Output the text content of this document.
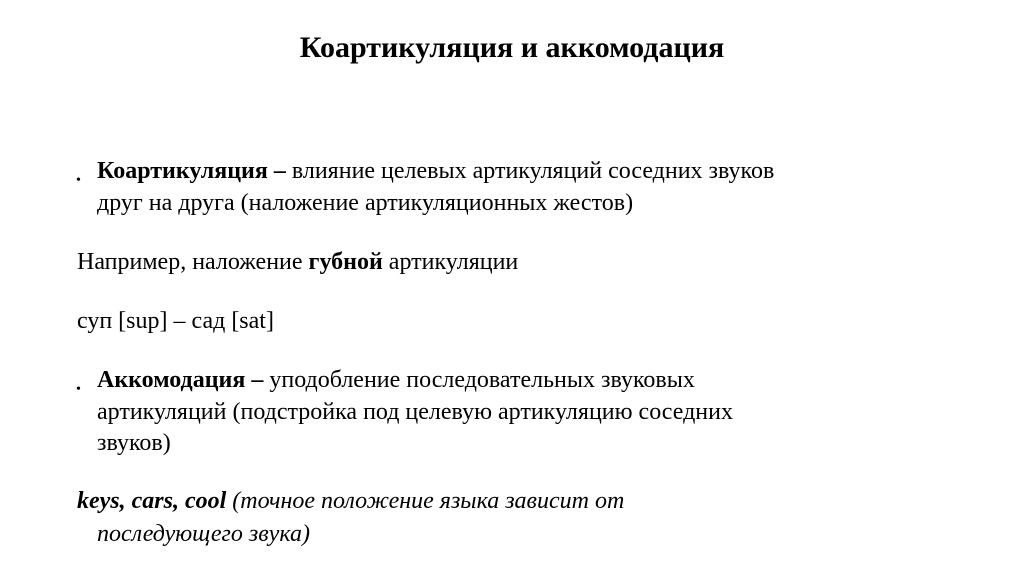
Коартикуляция и аккомодация
• Коартикуляция – влияние целевых артикуляций соседних звуков
друг на друга (наложение артикуляционных жестов)
Например, наложение губной артикуляции
суп [sup] – сад [sat]
• Аккомодация – уподобление последовательных звуковых
артикуляций (подстройка под целевую артикуляцию соседних
звуков)
keys, cars, cool (точное положение языка зависит от
последующего звука)
